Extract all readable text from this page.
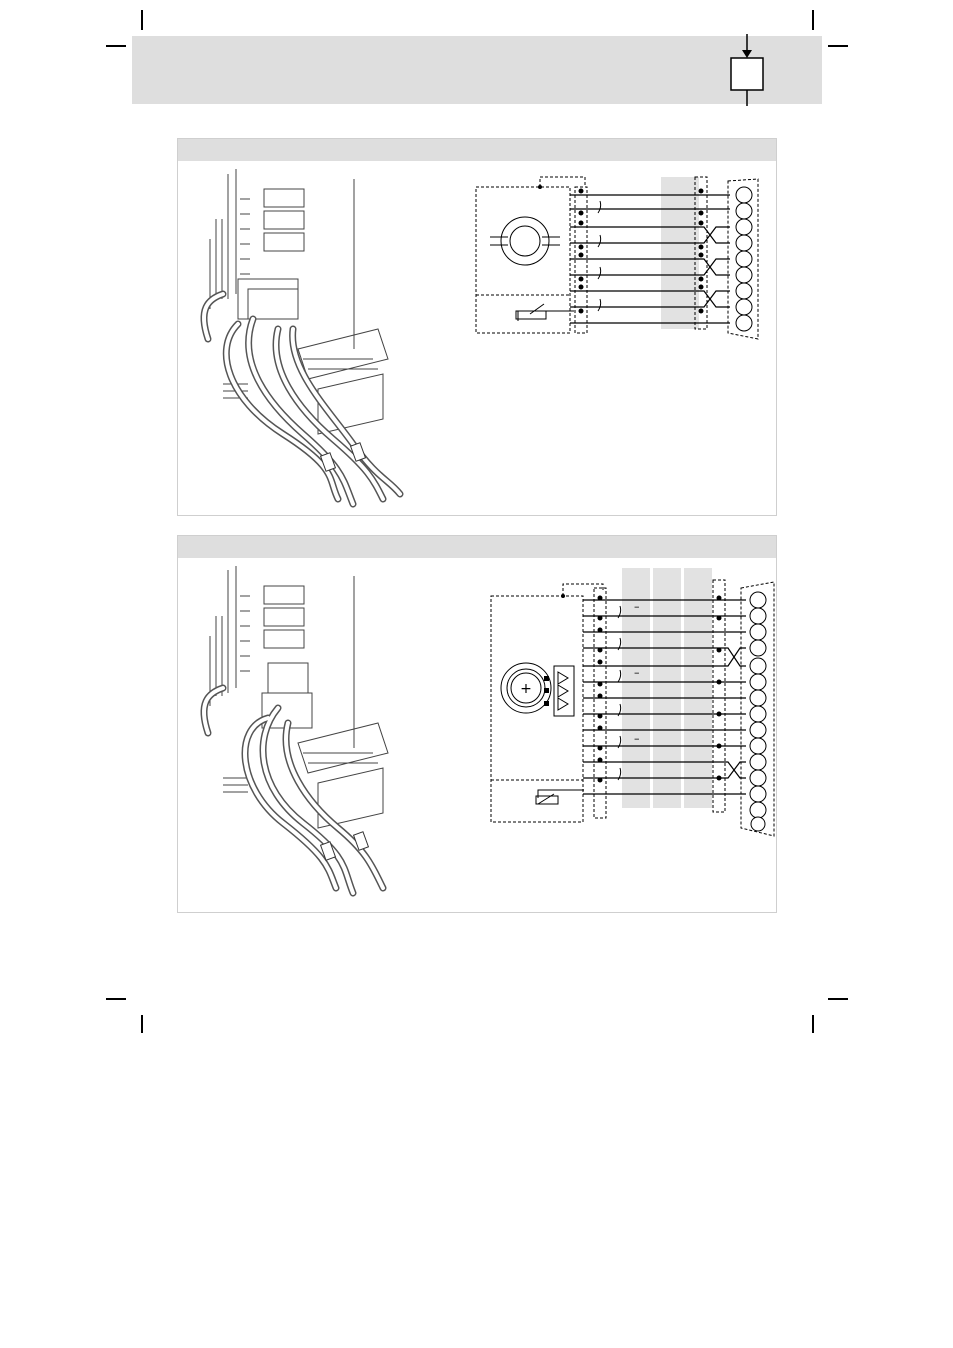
+
–
–
–
